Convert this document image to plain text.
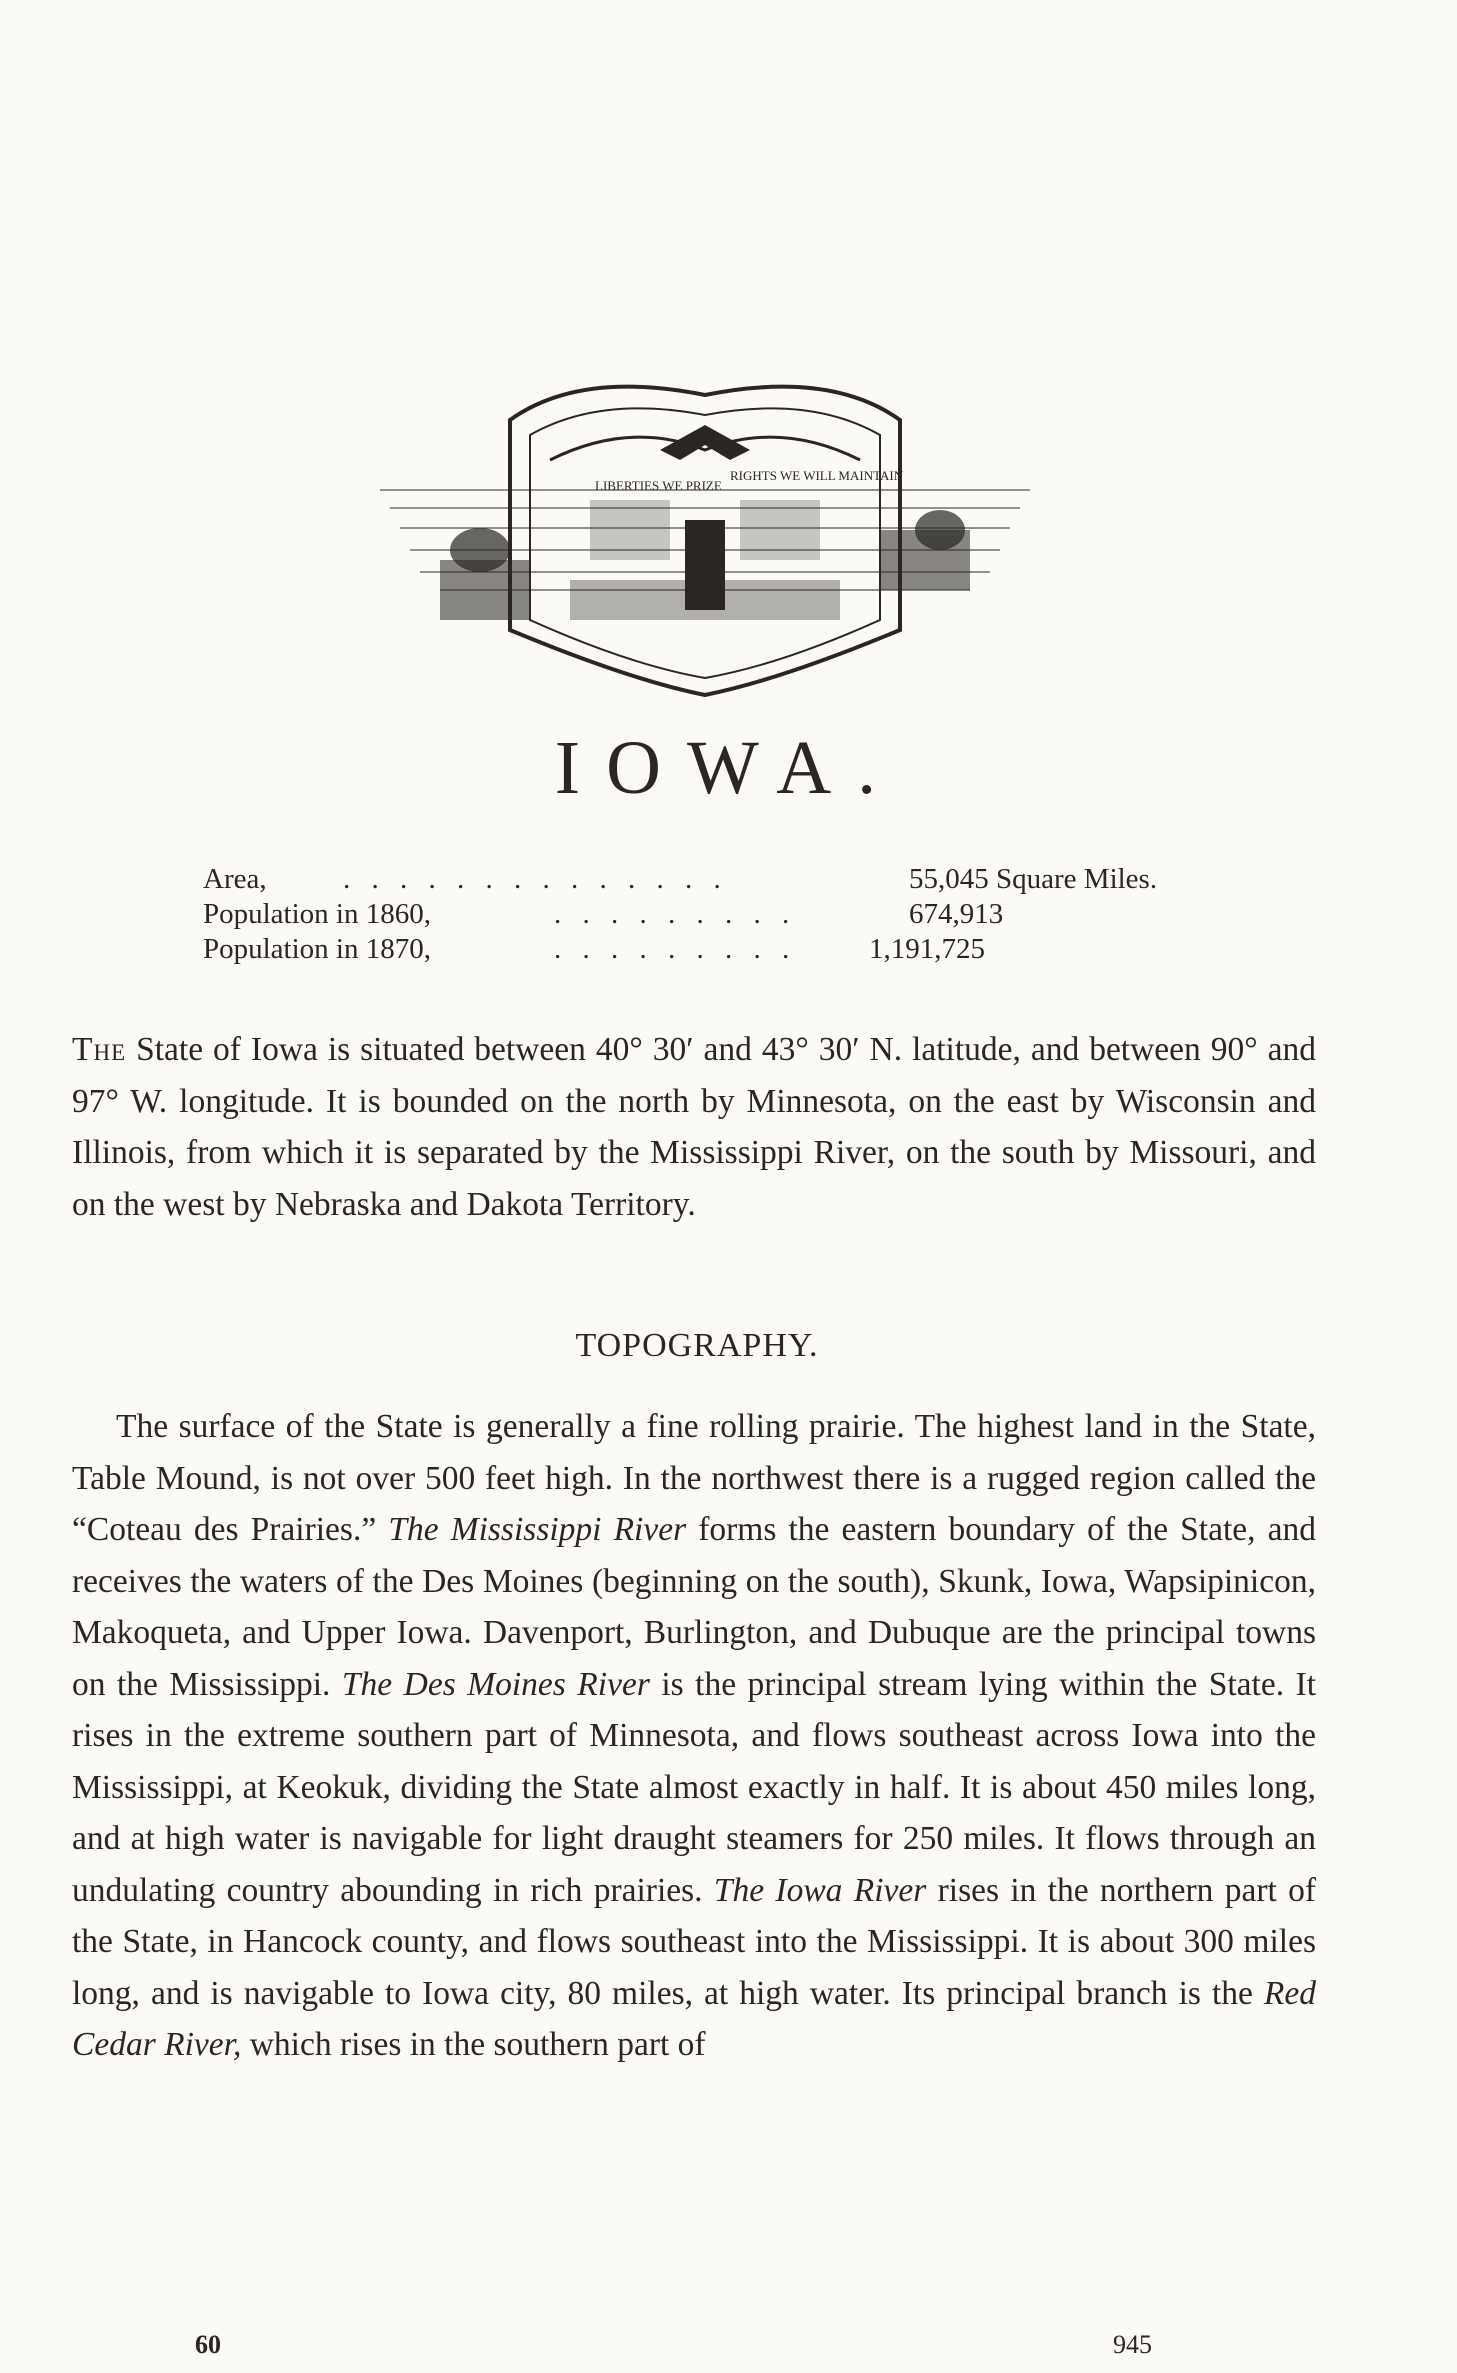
LIBERTIES WE PRIZE
RIGHTS WE WILL MAINTAIN
IOWA.
Area,	. . . . . . . . . . . . . .	55,045 Square Miles.
Population in 1860,	. . . . . . . . .	674,913
Population in 1870,	. . . . . . . . .	1,191,725
The State of Iowa is situated between 40° 30′ and 43° 30′ N. latitude, and between 90° and 97° W. longitude. It is bounded on the north by Minnesota, on the east by Wisconsin and Illinois, from which it is separated by the Mississippi River, on the south by Missouri, and on the west by Nebraska and Dakota Territory.
TOPOGRAPHY.
The surface of the State is generally a fine rolling prairie. The highest land in the State, Table Mound, is not over 500 feet high. In the northwest there is a rugged region called the “Coteau des Prairies.” The Mississippi River forms the eastern boundary of the State, and receives the waters of the Des Moines (beginning on the south), Skunk, Iowa, Wapsipinicon, Makoqueta, and Upper Iowa. Davenport, Burlington, and Dubuque are the principal towns on the Mississippi. The Des Moines River is the principal stream lying within the State. It rises in the extreme southern part of Minnesota, and flows southeast across Iowa into the Mississippi, at Keokuk, dividing the State almost exactly in half. It is about 450 miles long, and at high water is navigable for light draught steamers for 250 miles. It flows through an undulating country abounding in rich prairies. The Iowa River rises in the northern part of the State, in Hancock county, and flows southeast into the Mississippi. It is about 300 miles long, and is navigable to Iowa city, 80 miles, at high water. Its principal branch is the Red Cedar River, which rises in the southern part of
60	945
